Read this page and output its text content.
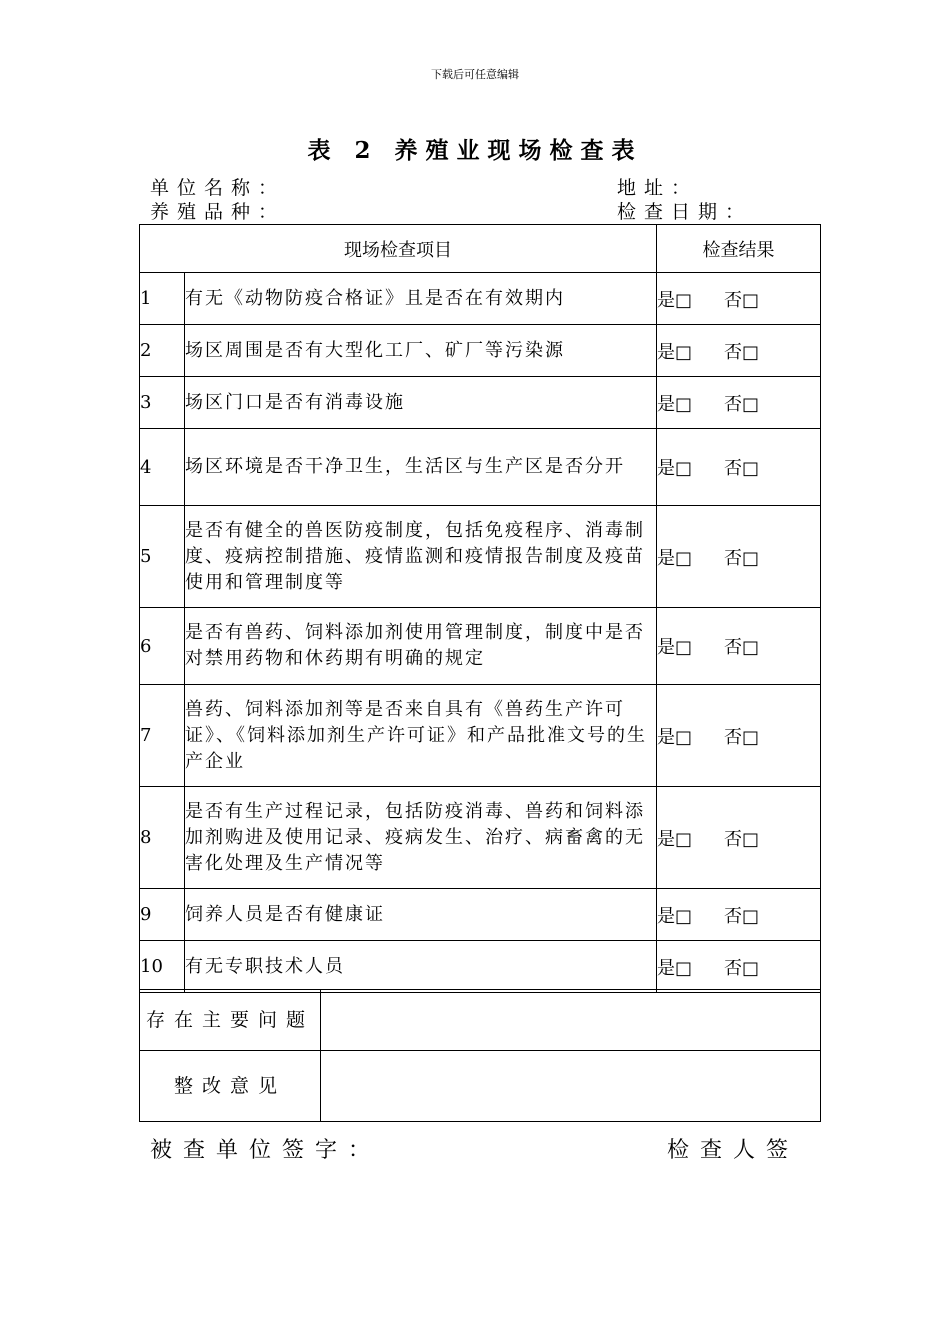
下载后可任意编辑
表 2 养殖业现场检查表
单位名称：	地址：
养殖品种：	检查日期：
现场检查项目		检查结果
1	有无《动物防疫合格证》且是否在有效期内	是□ 否□
2	场区周围是否有大型化工厂、矿厂等污染源	是□ 否□
3	场区门口是否有消毒设施	是□ 否□
4	场区环境是否干净卫生，生活区与生产区是否分开	是□ 否□
5	是否有健全的兽医防疫制度，包括免疫程序、消毒制度、疫病控制措施、疫情监测和疫情报告制度及疫苗使用和管理制度等	是□ 否□
6	是否有兽药、饲料添加剂使用管理制度，制度中是否对禁用药物和休药期有明确的规定	是□ 否□
7	兽药、饲料添加剂等是否来自具有《兽药生产许可证》、《饲料添加剂生产许可证》和产品批准文号的生产企业	是□ 否□
8	是否有生产过程记录，包括防疫消毒、兽药和饲料添加剂购进及使用记录、疫病发生、治疗、病畜禽的无害化处理及生产情况等	是□ 否□
9	饲养人员是否有健康证	是□ 否□
10	有无专职技术人员	是□ 否□
存在主要问题	
整改意见	
被查单位签字：	检查人签
